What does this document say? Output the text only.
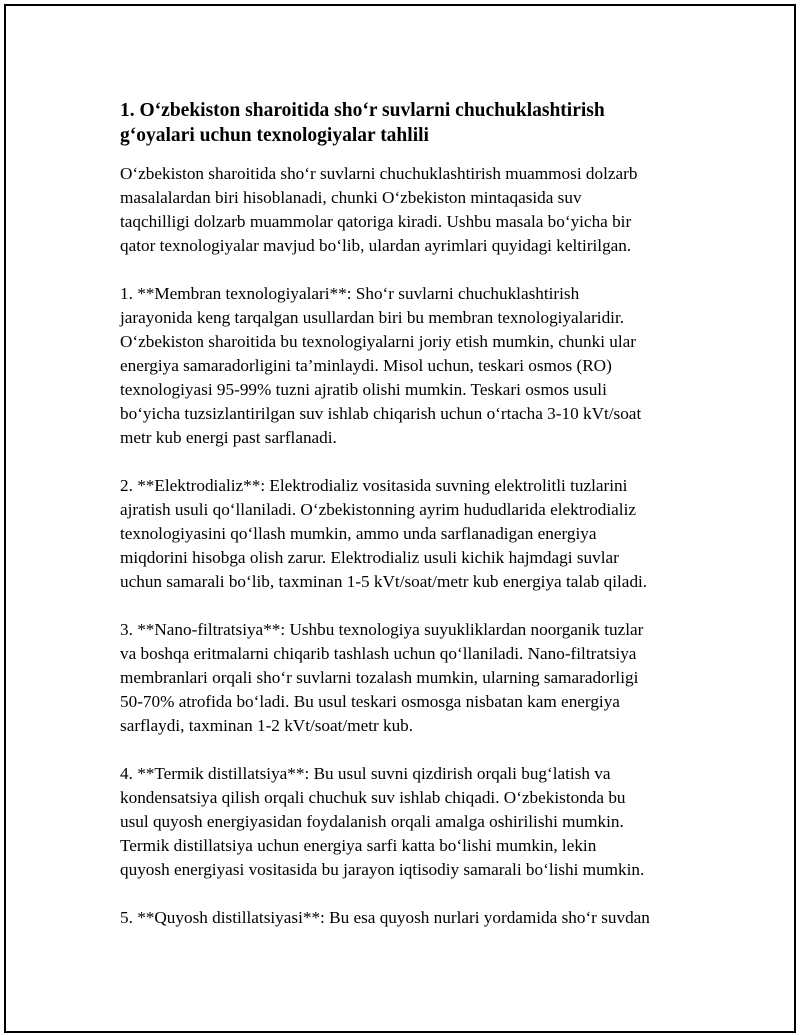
1. O‘zbekiston sharoitida sho‘r suvlarni chuchuklashtirish
g‘oyalari uchun texnologiyalar tahlili

O‘zbekiston sharoitida sho‘r suvlarni chuchuklashtirish muammosi dolzarb
masalalardan biri hisoblanadi, chunki O‘zbekiston mintaqasida suv
taqchilligi dolzarb muammolar qatoriga kiradi. Ushbu masala bo‘yicha bir
qator texnologiyalar mavjud bo‘lib, ulardan ayrimlari quyidagi keltirilgan.

1. **Membran texnologiyalari**: Sho‘r suvlarni chuchuklashtirish
jarayonida keng tarqalgan usullardan biri bu membran texnologiyalaridir.
O‘zbekiston sharoitida bu texnologiyalarni joriy etish mumkin, chunki ular
energiya samaradorligini ta’minlaydi. Misol uchun, teskari osmos (RO)
texnologiyasi 95-99% tuzni ajratib olishi mumkin. Teskari osmos usuli
bo‘yicha tuzsizlantirilgan suv ishlab chiqarish uchun o‘rtacha 3-10 kVt/soat
metr kub energi past sarflanadi.

2. **Elektrodializ**: Elektrodializ vositasida suvning elektrolitli tuzlarini
ajratish usuli qo‘llaniladi. O‘zbekistonning ayrim hududlarida elektrodializ
texnologiyasini qo‘llash mumkin, ammo unda sarflanadigan energiya
miqdorini hisobga olish zarur. Elektrodializ usuli kichik hajmdagi suvlar
uchun samarali bo‘lib, taxminan 1-5 kVt/soat/metr kub energiya talab qiladi.

3. **Nano-filtratsiya**: Ushbu texnologiya suyukliklardan noorganik tuzlar
va boshqa eritmalarni chiqarib tashlash uchun qo‘llaniladi. Nano-filtratsiya
membranlari orqali sho‘r suvlarni tozalash mumkin, ularning samaradorligi
50-70% atrofida bo‘ladi. Bu usul teskari osmosga nisbatan kam energiya
sarflaydi, taxminan 1-2 kVt/soat/metr kub.

4. **Termik distillatsiya**: Bu usul suvni qizdirish orqali bug‘latish va
kondensatsiya qilish orqali chuchuk suv ishlab chiqadi. O‘zbekistonda bu
usul quyosh energiyasidan foydalanish orqali amalga oshirilishi mumkin.
Termik distillatsiya uchun energiya sarfi katta bo‘lishi mumkin, lekin
quyosh energiyasi vositasida bu jarayon iqtisodiy samarali bo‘lishi mumkin.

5. **Quyosh distillatsiyasi**: Bu esa quyosh nurlari yordamida sho‘r suvdan
